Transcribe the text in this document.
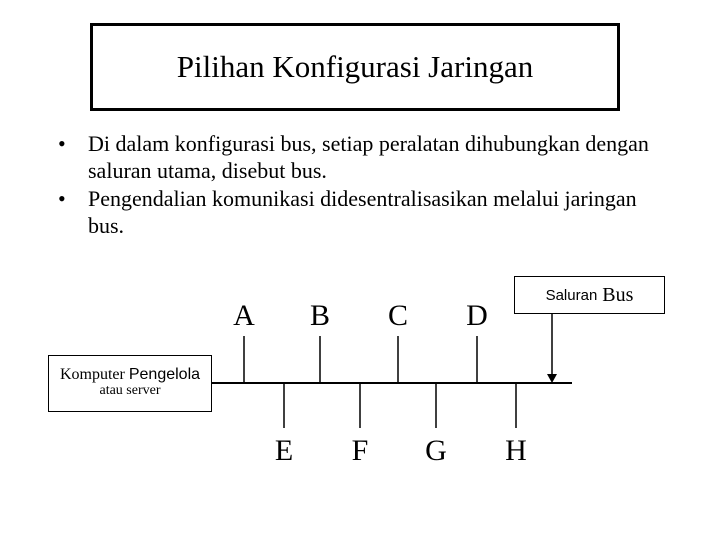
Pilihan Konfigurasi Jaringan
• Di dalam konfigurasi bus, setiap peralatan dihubungkan dengan saluran utama, disebut bus.
• Pengendalian komunikasi didesentralisasikan melalui jaringan bus.
A B C D
E	F	G H
Komputer Pengelola
atau server
Saluran Bus
